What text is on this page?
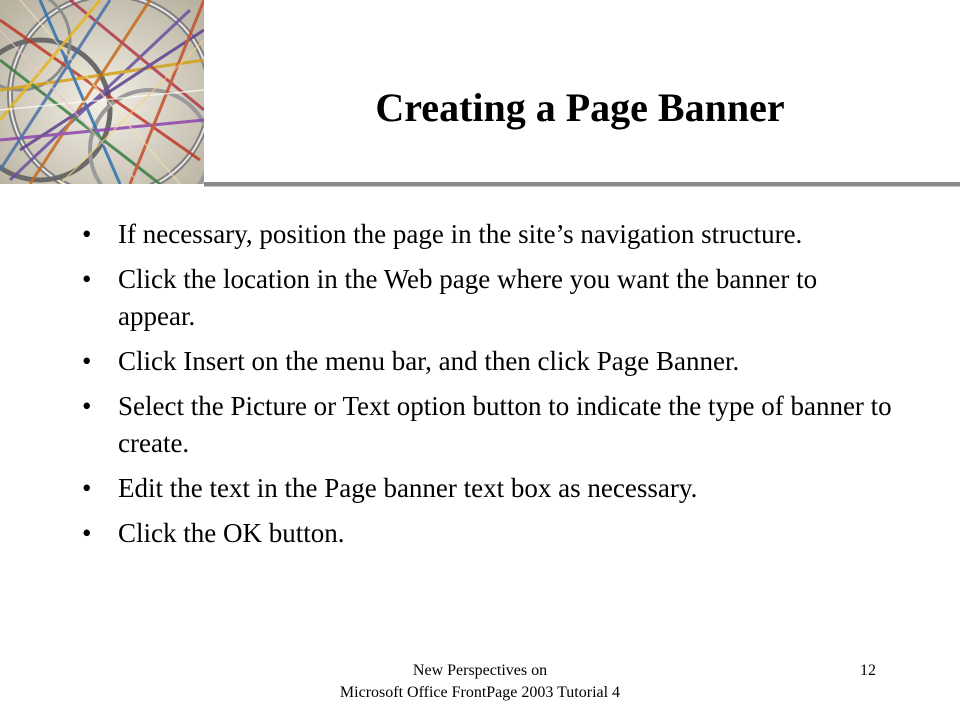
Creating a Page Banner
• If necessary, position the page in the site’s navigation structure.
• Click the location in the Web page where you want the banner to appear.
• Click Insert on the menu bar, and then click Page Banner.
• Select the Picture or Text option button to indicate the type of banner to create.
• Edit the text in the Page banner text box as necessary.
• Click the OK button.
New Perspectives on
Microsoft Office FrontPage 2003 Tutorial 4
12
